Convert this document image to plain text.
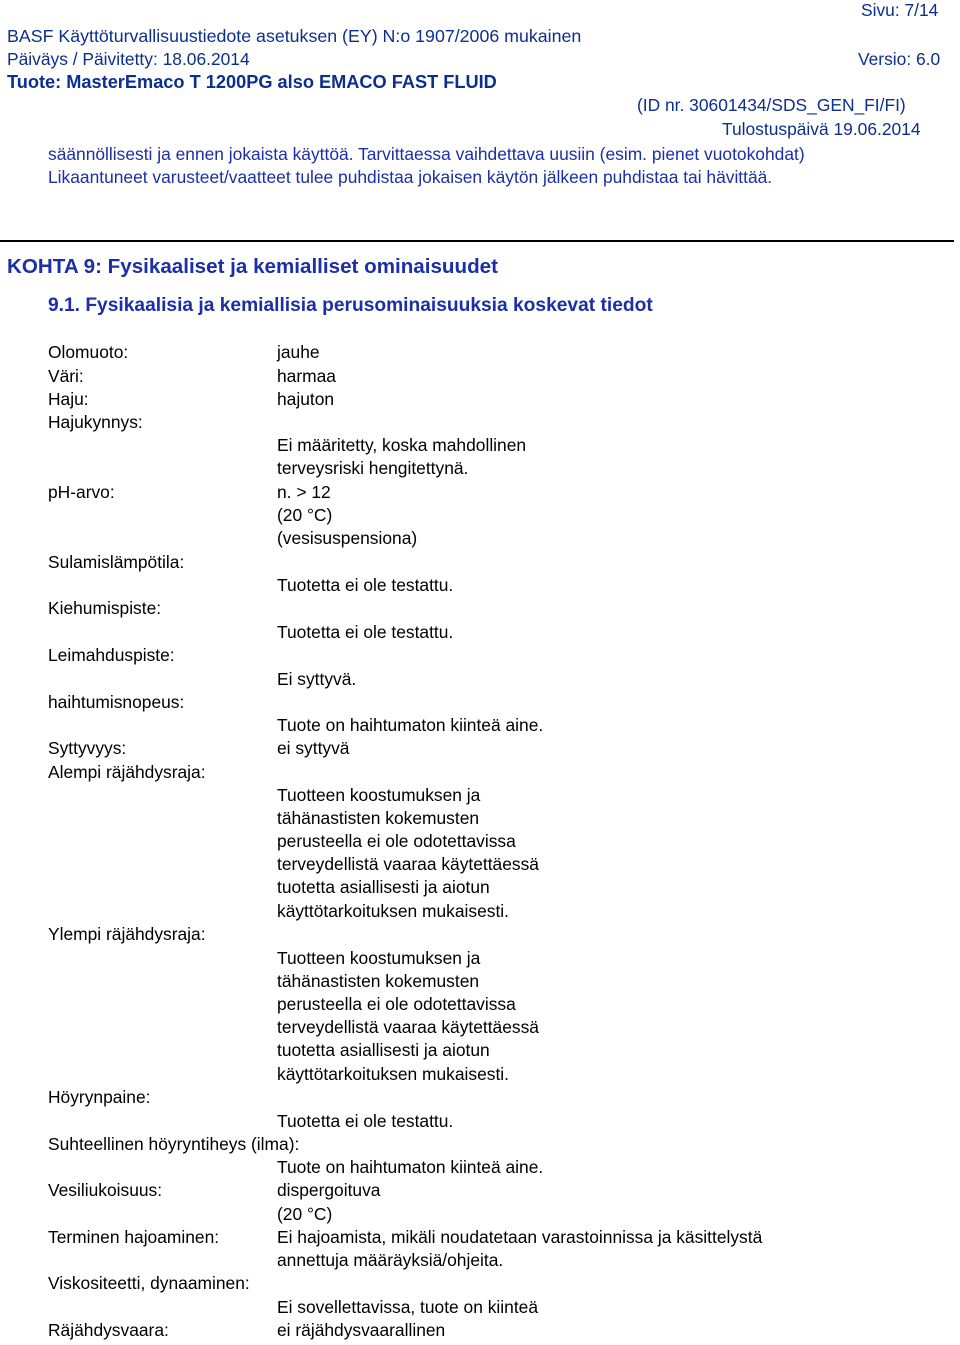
Sivu: 7/14
BASF Käyttöturvallisuustiedote asetuksen (EY) N:o 1907/2006 mukainen
Päiväys / Päivitetty: 18.06.2014	Versio: 6.0
Tuote: MasterEmaco T 1200PG also EMACO FAST FLUID
(ID nr. 30601434/SDS_GEN_FI/FI)
Tulostuspäivä 19.06.2014
säännöllisesti ja ennen jokaista käyttöä. Tarvittaessa vaihdettava uusiin (esim. pienet vuotokohdat)
Likaantuneet varusteet/vaatteet tulee puhdistaa jokaisen käytön jälkeen puhdistaa tai hävittää.
KOHTA 9: Fysikaaliset ja kemialliset ominaisuudet
9.1. Fysikaalisia ja kemiallisia perusominaisuuksia koskevat tiedot
Olomuoto:	jauhe
Väri:	harmaa
Haju:	hajuton
Hajukynnys:
Ei määritetty, koska mahdollinen
terveysriski hengitettynä.
pH-arvo:	n. > 12
(20 °C)
(vesisuspensiona)
Sulamislämpötila:
Tuotetta ei ole testattu.
Kiehumispiste:
Tuotetta ei ole testattu.
Leimahduspiste:
Ei syttyvä.
haihtumisnopeus:
Tuote on haihtumaton kiinteä aine.
Syttyvyys:	ei syttyvä
Alempi räjähdysraja:
Tuotteen koostumuksen ja
tähänastisten kokemusten
perusteella ei ole odotettavissa
terveydellistä vaaraa käytettäessä
tuotetta asiallisesti ja aiotun
käyttötarkoituksen mukaisesti.
Ylempi räjähdysraja:
Tuotteen koostumuksen ja
tähänastisten kokemusten
perusteella ei ole odotettavissa
terveydellistä vaaraa käytettäessä
tuotetta asiallisesti ja aiotun
käyttötarkoituksen mukaisesti.
Höyrynpaine:
Tuotetta ei ole testattu.
Suhteellinen höyryntiheys (ilma):
Tuote on haihtumaton kiinteä aine.
Vesiliukoisuus:	dispergoituva
(20 °C)
Terminen hajoaminen:	Ei hajoamista, mikäli noudatetaan varastoinnissa ja käsittelystä
annettuja määräyksiä/ohjeita.
Viskositeetti, dynaaminen:
Ei sovellettavissa, tuote on kiinteä
Räjähdysvaara:	ei räjähdysvaarallinen
